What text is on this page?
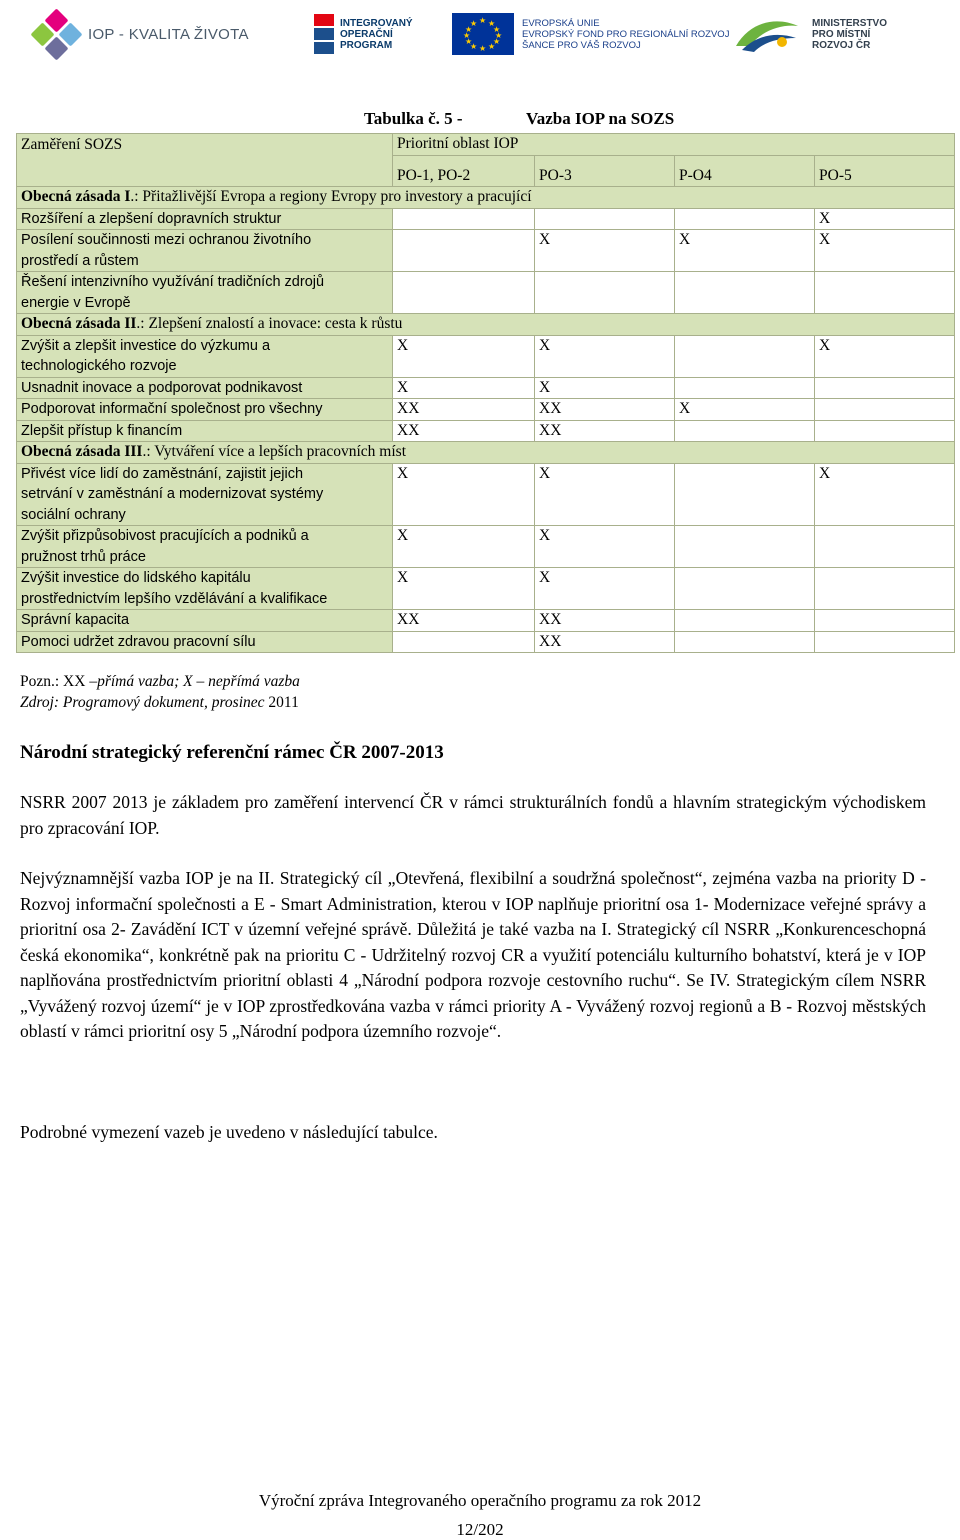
IOP - KVALITA ŽIVOTA
INTEGROVANÝ
OPERAČNÍ
PROGRAM
★ ★
★
★
★
★
★
★
★
★
★
★	EVROPSKÁ UNIE
EVROPSKÝ FOND PRO REGIONÁLNÍ ROZVOJ
ŠANCE PRO VÁŠ ROZVOJ
MINISTERSTVO
PRO MÍSTNÍ
ROZVOJ ČR
Tabulka č. 5 -	Vazba IOP na SOZS
Zaměření SOZS	Prioritní oblast IOP			
	PO-1, PO-2	PO-3	P-O4	PO-5
Obecná zásada I.: Přitažlivější Evropa a regiony Evropy pro investory a pracující				
Rozšíření a zlepšení dopravních struktur				X

Posílení součinnosti mezi ochranou životního
prostředí a růstem		X	X	X

Řešení intenzivního využívání tradičních zdrojů
energie v Evropě				

Obecná zásada II.: Zlepšení znalostí a inovace: cesta k růstu				

Zvýšit a zlepšit investice do výzkumu a
technologického rozvoje	X	X		X
Usnadnit inovace a podporovat podnikavost	X	X		
Podporovat informační společnost pro všechny	XX	XX	X	
Zlepšit přístup k financím	XX	XX		
Obecná zásada III.: Vytváření více a lepších pracovních míst				

Přivést více lidí do zaměstnání, zajistit jejich
setrvání v zaměstnání a modernizovat systémy
sociální ochrany	X	X		X

Zvýšit přizpůsobivost pracujících a podniků a
pružnost trhů práce	X	X		

Zvýšit investice do lidského kapitálu
prostřednictvím lepšího vzdělávání a kvalifikace	X	X		
Správní kapacita	XX	XX		
Pomoci udržet zdravou pracovní sílu		XX		
Pozn.: XX –přímá vazba; X – nepřímá vazba
Zdroj: Programový dokument, prosinec 2011
Národní strategický referenční rámec ČR 2007-2013

NSRR 2007 2013 je základem pro zaměření intervencí ČR v rámci strukturálních fondů a hlavním strategickým východiskem pro zpracování IOP.

Nejvýznamnější vazba IOP je na II. Strategický cíl „Otevřená, flexibilní a soudržná společnost“, zejména vazba na priority D - Rozvoj informační společnosti a E - Smart Administration, kterou v IOP naplňuje prioritní osa 1- Modernizace veřejné správy a prioritní osa 2- Zavádění ICT v územní veřejné správě. Důležitá je také vazba na I. Strategický cíl NSRR „Konkurenceschopná česká ekonomika“, konkrétně pak na prioritu C - Udržitelný rozvoj CR a využití potenciálu kulturního bohatství, která je v IOP naplňována prostřednictvím prioritní oblasti 4 „Národní podpora rozvoje cestovního ruchu“. Se IV. Strategickým cílem NSRR „Vyvážený rozvoj území“ je v IOP zprostředkována vazba v rámci priority A - Vyvážený rozvoj regionů a B - Rozvoj městských oblastí v rámci prioritní osy 5 „Národní podpora územního rozvoje“.

Podrobné vymezení vazeb je uvedeno v následující tabulce.

Výroční zpráva Integrovaného operačního programu za rok 2012
12/202
